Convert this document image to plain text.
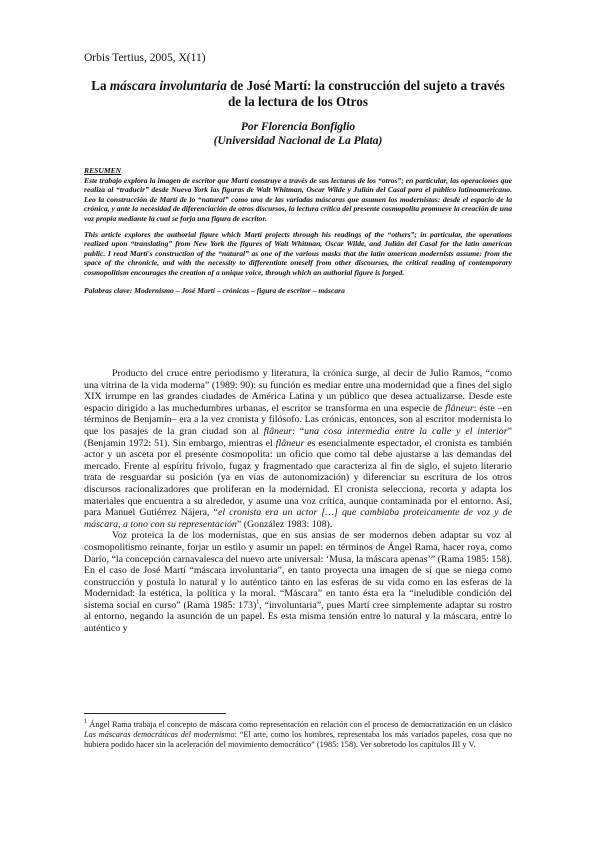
Orbis Tertius, 2005, X(11)
La máscara involuntaria de José Martí: la construcción del sujeto a través de la lectura de los Otros
Por Florencia Bonfiglio
(Universidad Nacional de La Plata)
RESUMEN

Este trabajo explora la imagen de escritor que Martí construye a través de sus lecturas de los “otros”; en particular, las operaciones que realiza al “traducir” desde Nueva York las figuras de Walt Whitman, Oscar Wilde y Julián del Casal para el público latinoamericano. Leo la construcción de Martí de lo “natural” como una de las variadas máscaras que asumen los modernistas: desde el espacio de la crónica, y ante la necesidad de diferenciación de otros discursos, la lectura crítica del presente cosmopolita promueve la creación de una voz propia mediante la cual se forja una figura de escritor.

This article explores the authorial figure which Martí projects through his readings of the “others”; in particular, the operations realized upon “translating” from New York the figures of Walt Whitman, Oscar Wilde, and Julián del Casal for the latin american public. I read Martí's construction of the “natural” as one of the various masks that the latin american modernists assume: from the space of the chronicle, and with the necessity to differentiate oneself from other discourses, the critical reading of contemporary cosmopolitism encourages the creation of a unique voice, through which an authorial figure is forged.

Palabras clave: Modernismo – José Martí – crónicas – figura de escritor – máscara

Producto del cruce entre periodismo y literatura, la crónica surge, al decir de Julio Ramos, “como una vitrina de la vida moderna” (1989: 90): su función es mediar entre una modernidad que a fines del siglo XIX irrumpe en las grandes ciudades de América Latina y un público que desea actualizarse. Desde este espacio dirigido a las muchedumbres urbanas, el escritor se transforma en una especie de flâneur: éste –en términos de Benjamin– era a la vez cronista y filósofo. Las crónicas, entonces, son al escritor modernista lo que los pasajes de la gran ciudad son al flâneur: “una cosa intermedia entre la calle y el interior” (Benjamin 1972: 51). Sin embargo, mientras el flâneur es esencialmente espectador, el cronista es también actor y un asceta por el presente cosmopolita: un oficio que como tal debe ajustarse a las demandas del mercado. Frente al espíritu frívolo, fugaz y fragmentado que caracteriza al fin de siglo, el sujeto literario trata de resguardar su posición (ya en vías de autonomización) y diferenciar su escritura de los otros discursos racionalizadores que proliferan en la modernidad. El cronista selecciona, recorta y adapta los materiales que encuentra a su alrededor, y asume una voz crítica, aunque contaminada por el entorno. Así, para Manuel Gutiérrez Nájera, “el cronista era un actor […] que cambiaba proteicamente de voz y de máscara, a tono con su representación” (González 1983: 108).

Voz proteica la de los modernistas, que en sus ansias de ser modernos deben adaptar su voz al cosmopolitismo reinante, forjar un estilo y asumir un papel: en términos de Ángel Rama, hacer roya, como Darío, “la concepción carnavalesca del nuevo arte universal: ‘Musa, la máscara apenas’” (Rama 1985: 158). En el caso de José Martí “máscara involuntaria”, en tanto proyecta una imagen de sí que se niega como construcción y postula lo natural y lo auténtico tanto en las esferas de su vida como en las esferas de la Modernidad: la estética, la política y la moral. “Máscara” en tanto ésta era la “ineludible condición del sistema social en curso” (Rama 1985: 173)$^1$, “involuntaria”, pues Martí cree simplemente adaptar su rostro al entorno, negando la asunción de un papel. Es esta misma tensión entre lo natural y la máscara, entre lo auténtico y

$^1$ Ángel Rama trabaja el concepto de máscara como representación en relación con el proceso de democratización en un clásico Las máscaras democráticas del modernismo: “El arte, como los hombres, representaba los más variados papeles, cosa que no hubiera podido hacer sin la aceleración del movimiento democrático” (1985: 158). Ver sobretodo los capítulos III y V.
